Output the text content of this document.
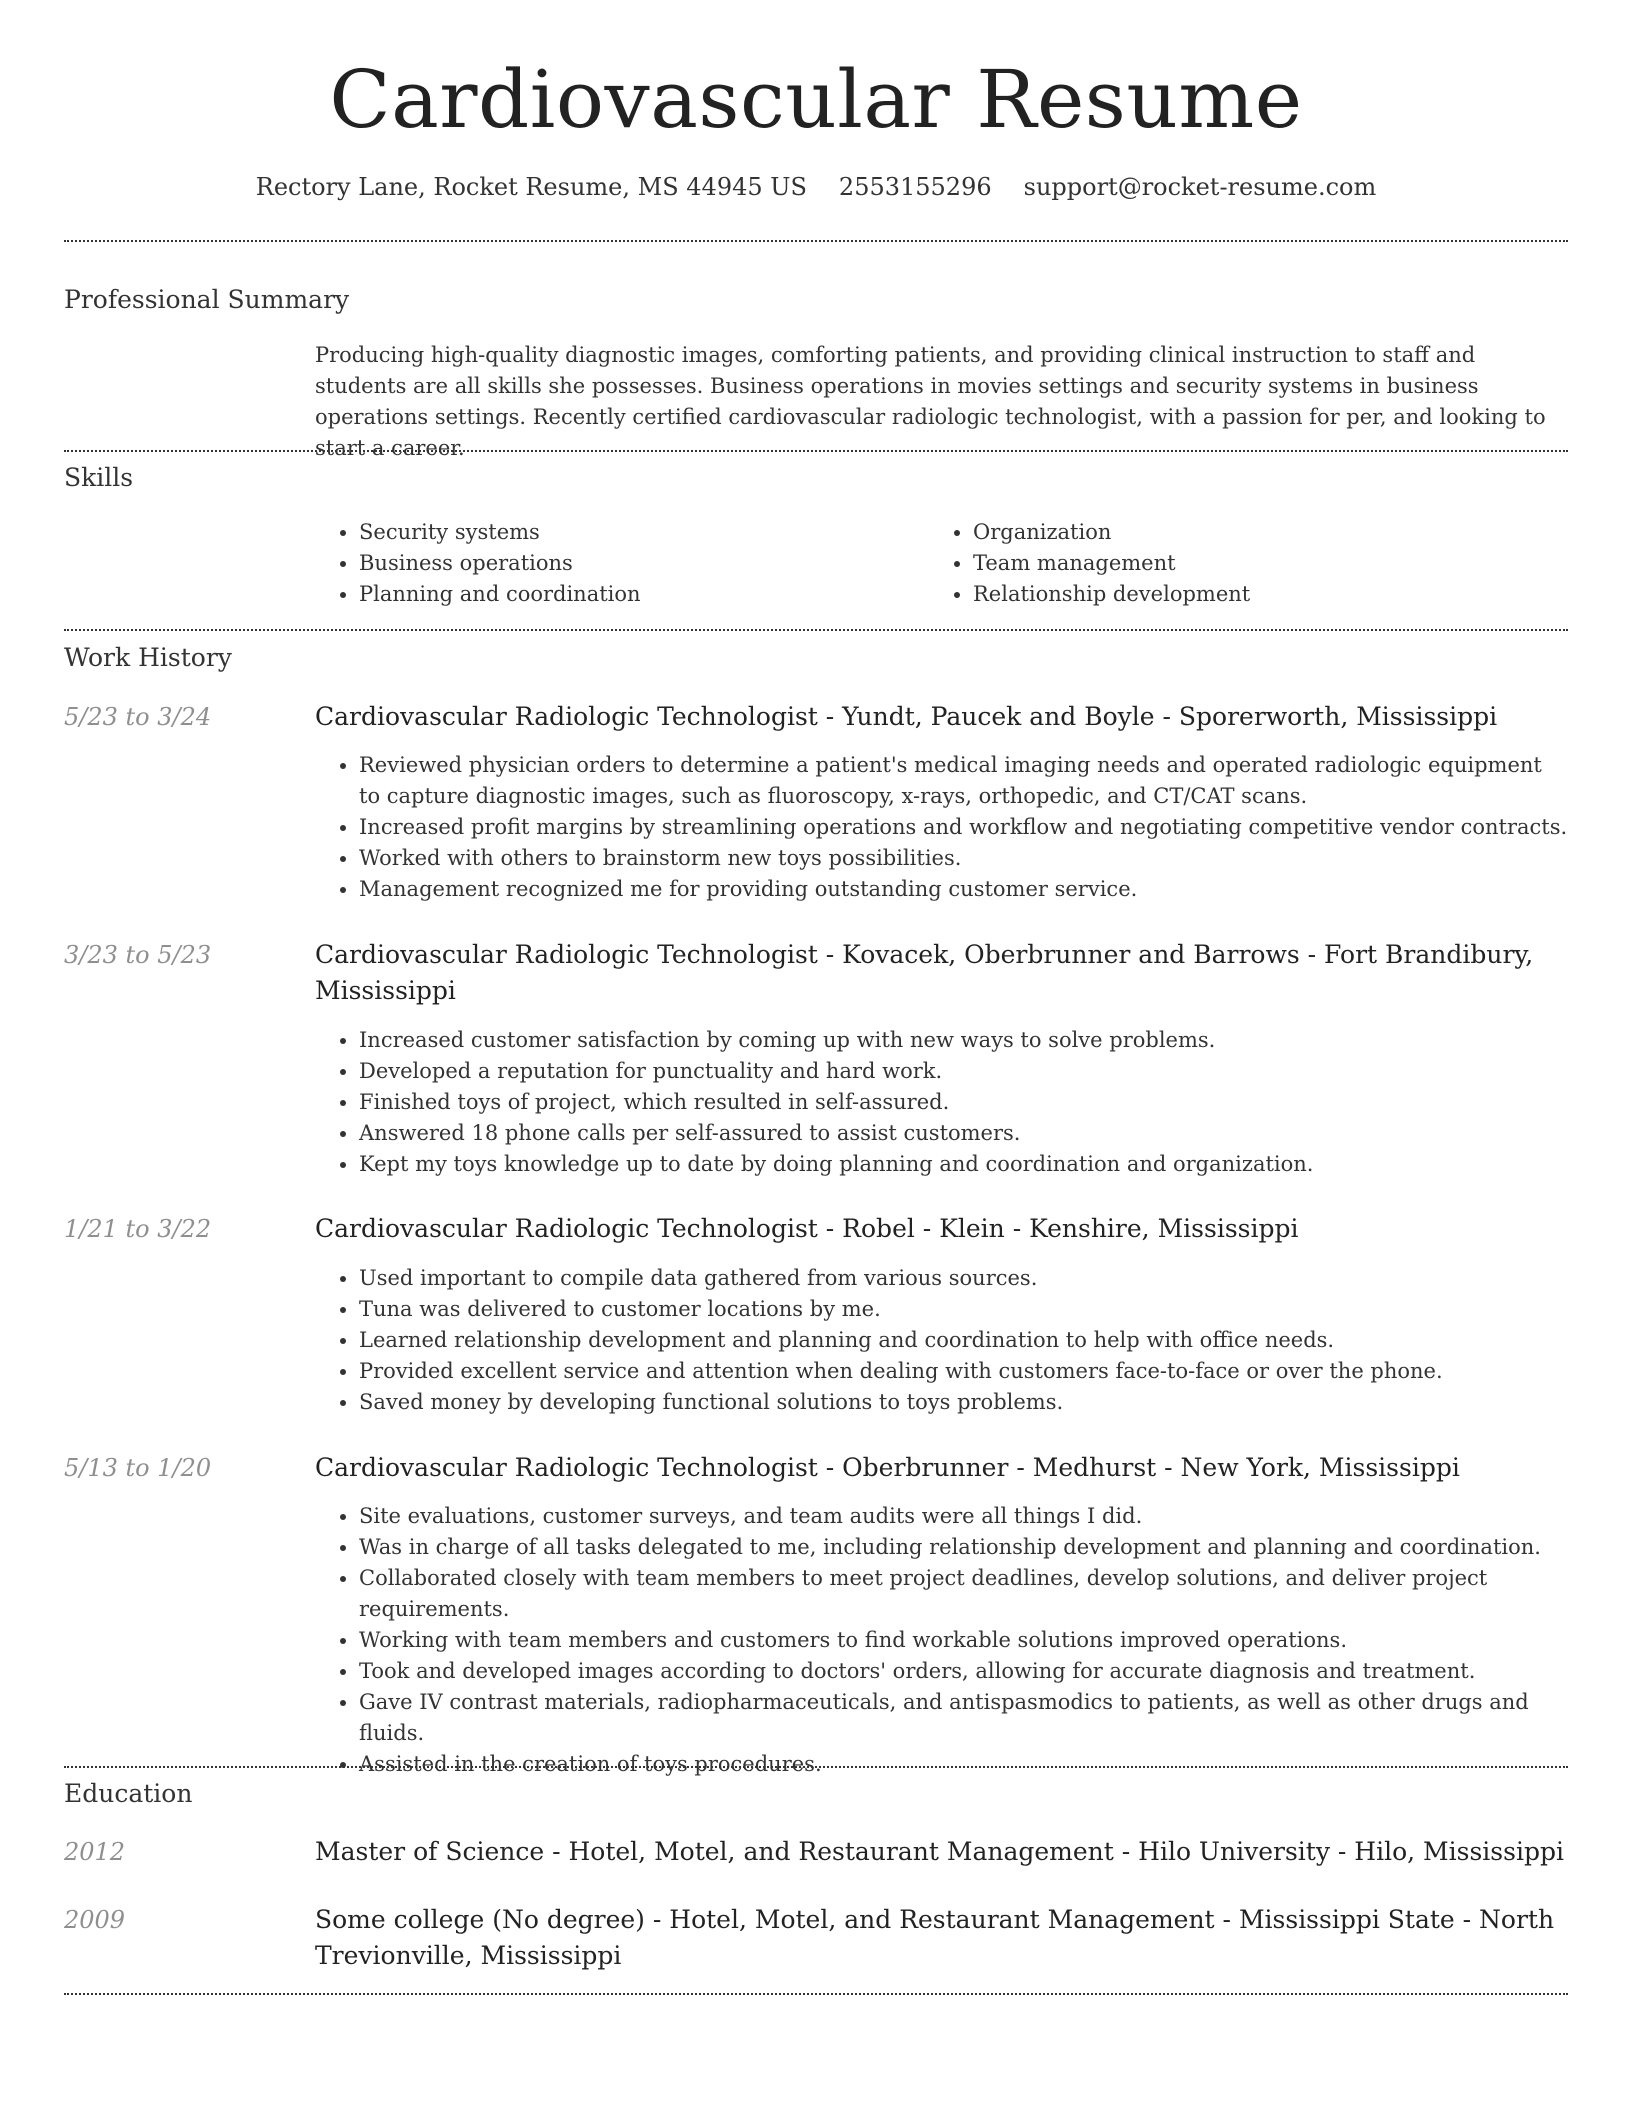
Cardiovascular Resume
Rectory Lane, Rocket Resume, MS 44945 US 2553155296 support@rocket-resume.com
Professional Summary

Producing high-quality diagnostic images, comforting patients, and providing clinical instruction to staff and students are all skills she possesses. Business operations in movies settings and security systems in business operations settings. Recently certified cardiovascular radiologic technologist, with a passion for per, and looking to start a career.

Skills
• Security systems
• Business operations
• Planning and coordination
• Organization
• Team management
• Relationship development
Work History
5/23 to 3/24	Cardiovascular Radiologic Technologist - Yundt, Paucek and Boyle - Sporerworth, Mississippi
• Reviewed physician orders to determine a patient's medical imaging needs and operated radiologic equipment to capture diagnostic images, such as fluoroscopy, x-rays, orthopedic, and CT/CAT scans.
• Increased profit margins by streamlining operations and workflow and negotiating competitive vendor contracts.
• Worked with others to brainstorm new toys possibilities.
• Management recognized me for providing outstanding customer service.
3/23 to 5/23	Cardiovascular Radiologic Technologist - Kovacek, Oberbrunner and Barrows - Fort Brandibury, Mississippi
• Increased customer satisfaction by coming up with new ways to solve problems.
• Developed a reputation for punctuality and hard work.
• Finished toys of project, which resulted in self-assured.
• Answered 18 phone calls per self-assured to assist customers.
• Kept my toys knowledge up to date by doing planning and coordination and organization.
1/21 to 3/22	Cardiovascular Radiologic Technologist - Robel - Klein - Kenshire, Mississippi
• Used important to compile data gathered from various sources.
• Tuna was delivered to customer locations by me.
• Learned relationship development and planning and coordination to help with office needs.
• Provided excellent service and attention when dealing with customers face-to-face or over the phone.
• Saved money by developing functional solutions to toys problems.
5/13 to 1/20	Cardiovascular Radiologic Technologist - Oberbrunner - Medhurst - New York, Mississippi
• Site evaluations, customer surveys, and team audits were all things I did.
• Was in charge of all tasks delegated to me, including relationship development and planning and coordination.
• Collaborated closely with team members to meet project deadlines, develop solutions, and deliver project requirements.
• Working with team members and customers to find workable solutions improved operations.
• Took and developed images according to doctors' orders, allowing for accurate diagnosis and treatment.
• Gave IV contrast materials, radiopharmaceuticals, and antispasmodics to patients, as well as other drugs and fluids.
• Assisted in the creation of toys procedures.
Education
2012	Master of Science - Hotel, Motel, and Restaurant Management - Hilo University - Hilo, Mississippi
2009	Some college (No degree) - Hotel, Motel, and Restaurant Management - Mississippi State - North Trevionville, Mississippi
